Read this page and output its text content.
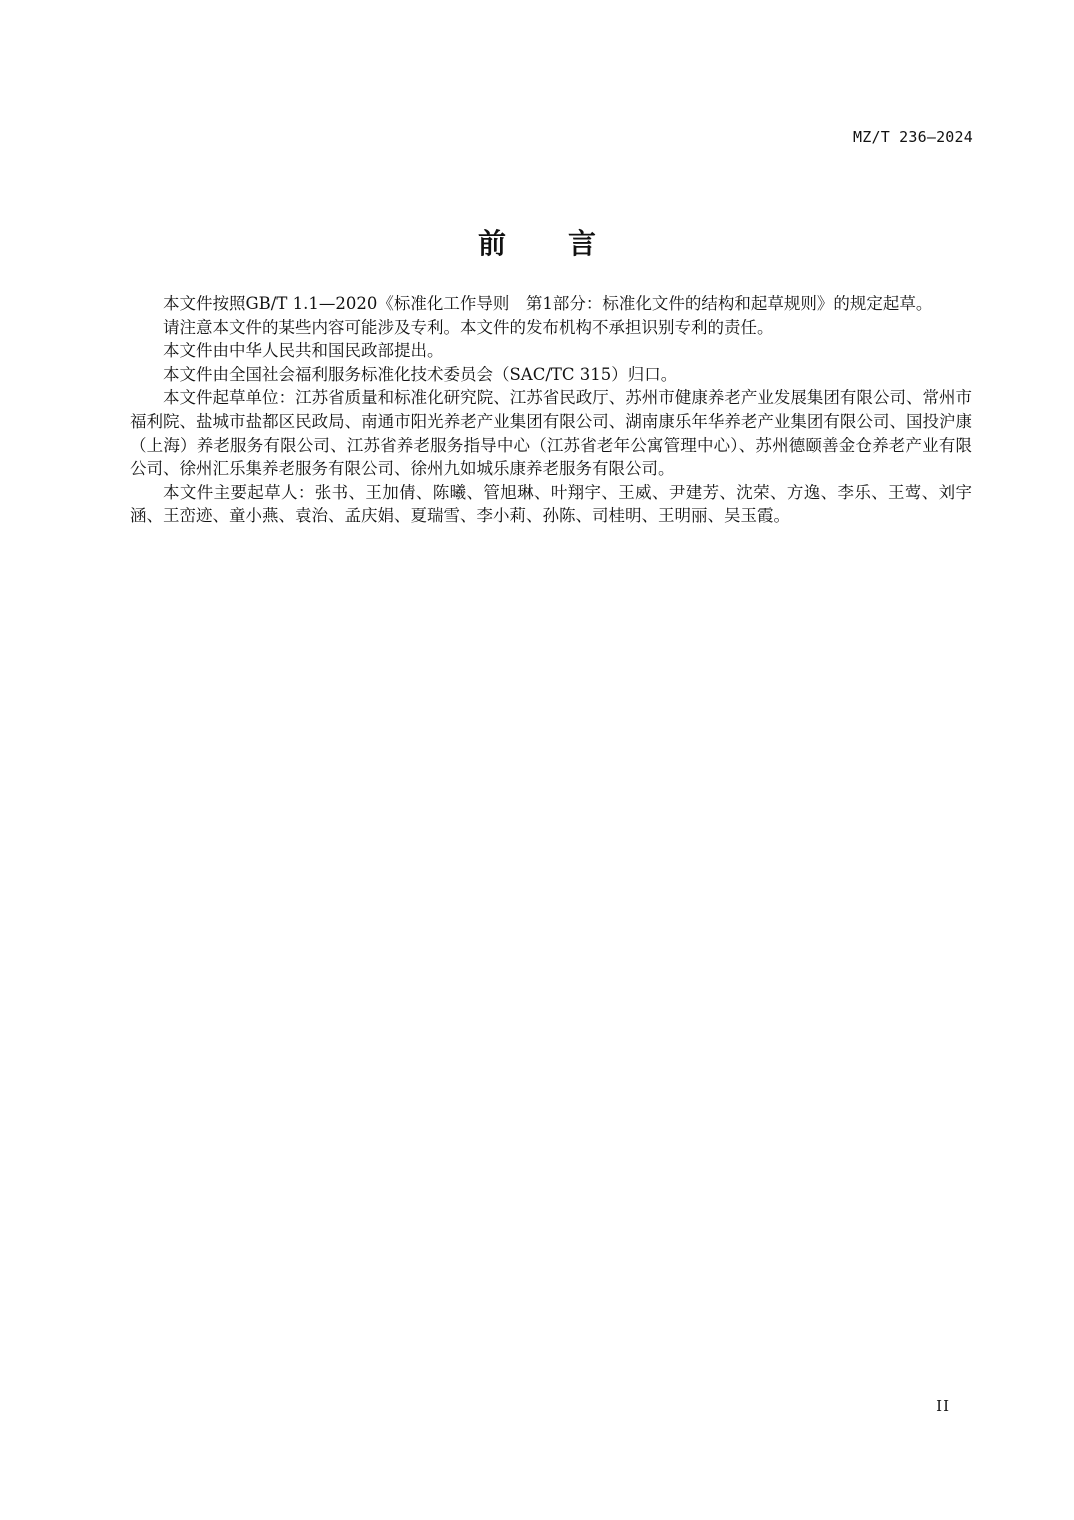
MZ/T 236—2024

前言

本文件按照GB/T 1.1—2020《标准化工作导则　第1部分：标准化文件的结构和起草规则》的规定起草。

请注意本文件的某些内容可能涉及专利。本文件的发布机构不承担识别专利的责任。

本文件由中华人民共和国民政部提出。

本文件由全国社会福利服务标准化技术委员会（SAC/TC 315）归口。

本文件起草单位：江苏省质量和标准化研究院、江苏省民政厅、苏州市健康养老产业发展集团有限公司、常州市福利院、盐城市盐都区民政局、南通市阳光养老产业集团有限公司、湖南康乐年华养老产业集团有限公司、国投沪康（上海）养老服务有限公司、江苏省养老服务指导中心（江苏省老年公寓管理中心）、苏州德颐善金仓养老产业有限公司、徐州汇乐集养老服务有限公司、徐州九如城乐康养老服务有限公司。

本文件主要起草人：张书、王加倩、陈曦、管旭琳、叶翔宇、王威、尹建芳、沈荣、方逸、李乐、王莺、刘宇涵、王峦迹、童小燕、袁治、孟庆娟、夏瑞雪、李小莉、孙陈、司桂明、王明丽、吴玉霞。

II
